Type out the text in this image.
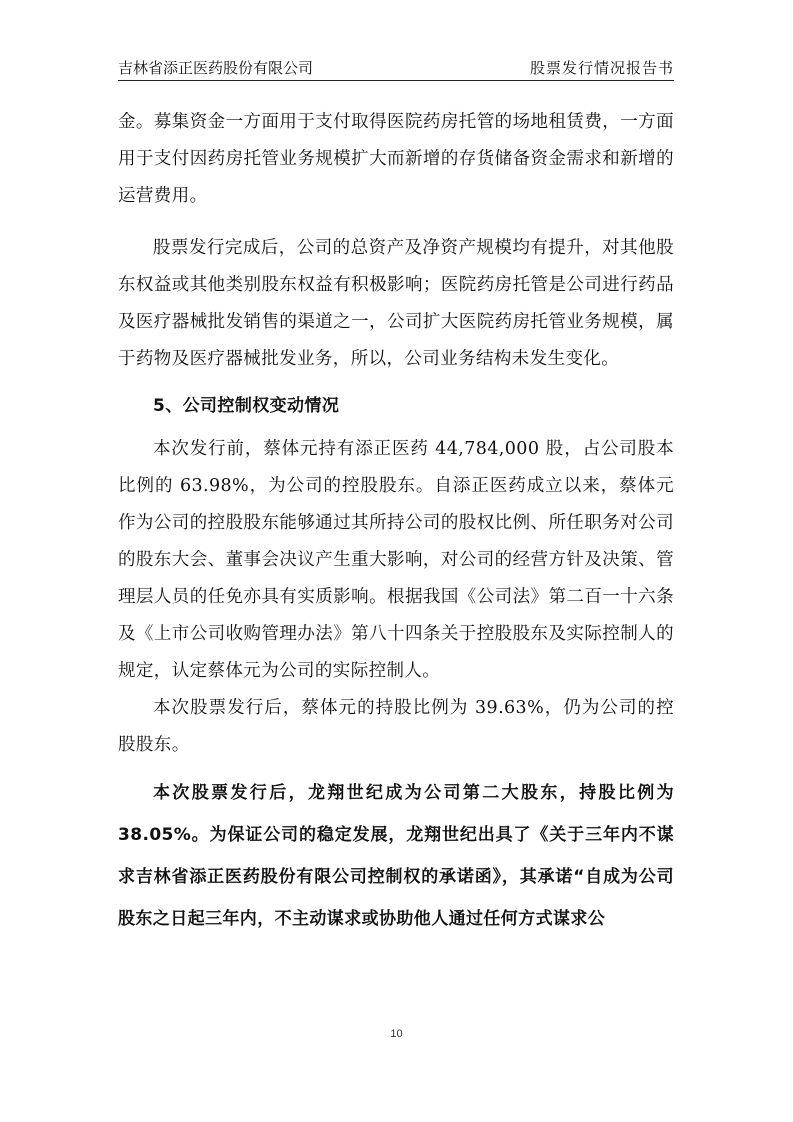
吉林省添正医药股份有限公司	股票发行情况报告书

金。募集资金一方面用于支付取得医院药房托管的场地租赁费，一方面用于支付因药房托管业务规模扩大而新增的存货储备资金需求和新增的运营费用。

股票发行完成后，公司的总资产及净资产规模均有提升，对其他股东权益或其他类别股东权益有积极影响；医院药房托管是公司进行药品及医疗器械批发销售的渠道之一，公司扩大医院药房托管业务规模，属于药物及医疗器械批发业务，所以，公司业务结构未发生变化。

5、公司控制权变动情况

本次发行前，蔡体元持有添正医药 44,784,000 股，占公司股本比例的 63.98%，为公司的控股股东。自添正医药成立以来，蔡体元作为公司的控股股东能够通过其所持公司的股权比例、所任职务对公司的股东大会、董事会决议产生重大影响，对公司的经营方针及决策、管理层人员的任免亦具有实质影响。根据我国《公司法》第二百一十六条及《上市公司收购管理办法》第八十四条关于控股股东及实际控制人的规定，认定蔡体元为公司的实际控制人。

本次股票发行后，蔡体元的持股比例为 39.63%，仍为公司的控股股东。

本次股票发行后，龙翔世纪成为公司第二大股东，持股比例为38.05%。为保证公司的稳定发展，龙翔世纪出具了《关于三年内不谋求吉林省添正医药股份有限公司控制权的承诺函》，其承诺“自成为公司股东之日起三年内，不主动谋求或协助他人通过任何方式谋求公

10
